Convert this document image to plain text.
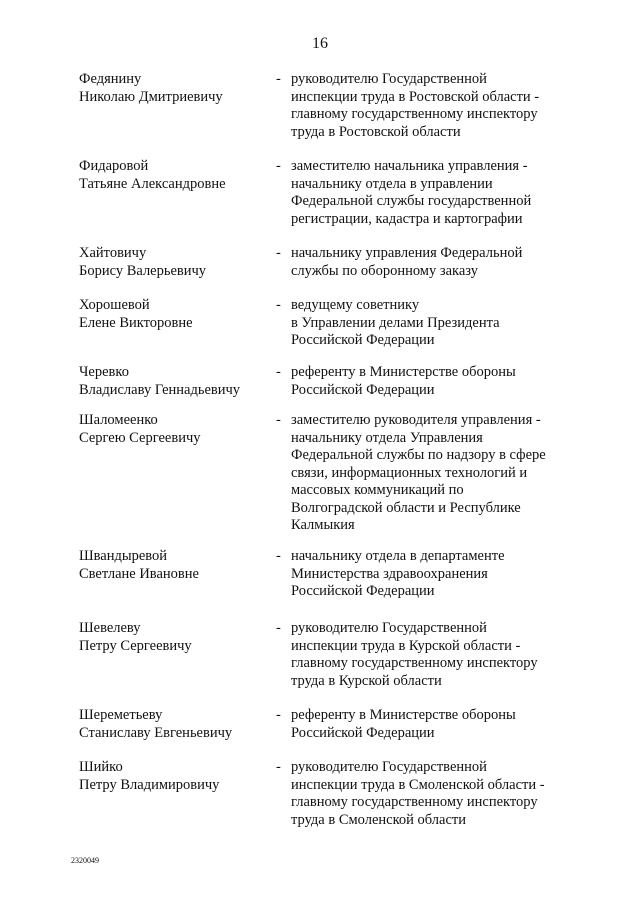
16
Федянину
Николаю Дмитриевичу
- руководителю Государственной
инспекции труда в Ростовской области -
главному государственному инспектору
труда в Ростовской области
Фидаровой
Татьяне Александровне
- заместителю начальника управления -
начальнику отдела в управлении
Федеральной службы государственной
регистрации, кадастра и картографии
Хайтовичу
Борису Валерьевичу
- начальнику управления Федеральной
службы по оборонному заказу
Хорошевой
Елене Викторовне
- ведущему советнику
в Управлении делами Президента
Российской Федерации
Черевко
Владиславу Геннадьевичу
- референту в Министерстве обороны
Российской Федерации
Шаломеенко
Сергею Сергеевичу
- заместителю руководителя управления -
начальнику отдела Управления
Федеральной службы по надзору в сфере
связи, информационных технологий и
массовых коммуникаций по
Волгоградской области и Республике
Калмыкия
Швандыревой
Светлане Ивановне
- начальнику отдела в департаменте
Министерства здравоохранения
Российской Федерации
Шевелеву
Петру Сергеевичу
- руководителю Государственной
инспекции труда в Курской области -
главному государственному инспектору
труда в Курской области
Шереметьеву
Станиславу Евгеньевичу
- референту в Министерстве обороны
Российской Федерации
Шийко
Петру Владимировичу
- руководителю Государственной
инспекции труда в Смоленской области -
главному государственному инспектору
труда в Смоленской области
2320049
